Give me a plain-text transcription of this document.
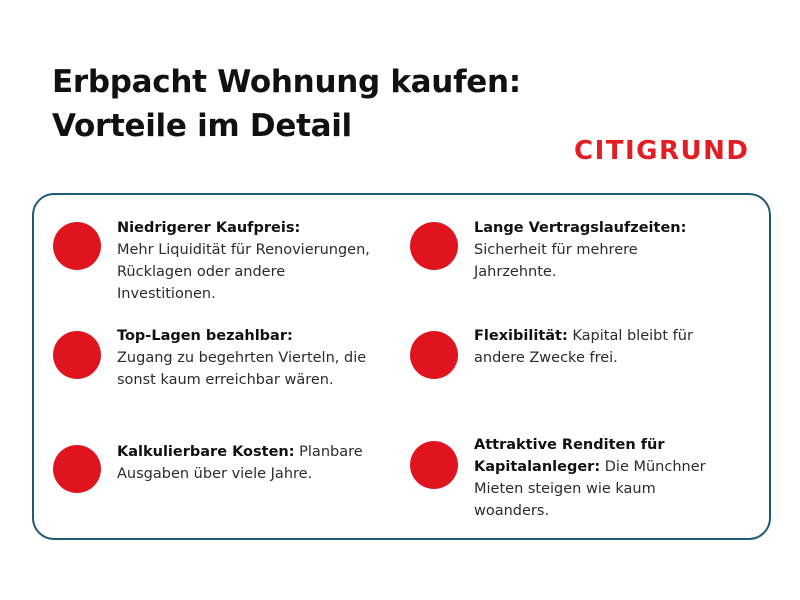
Erbpacht Wohnung kaufen:
Vorteile im Detail
CITIGRUND
Niedrigerer Kaufpreis:
Mehr Liquidität für Renovierungen, Rücklagen oder andere Investitionen.
Lange Vertragslaufzeiten:
Sicherheit für mehrere Jahrzehnte.
Top-Lagen bezahlbar:
Zugang zu begehrten Vierteln, die sonst kaum erreichbar wären.
Flexibilität: Kapital bleibt für andere Zwecke frei.
Kalkulierbare Kosten: Planbare Ausgaben über viele Jahre.
Attraktive Renditen für Kapitalanleger: Die Münchner Mieten steigen wie kaum woanders.
